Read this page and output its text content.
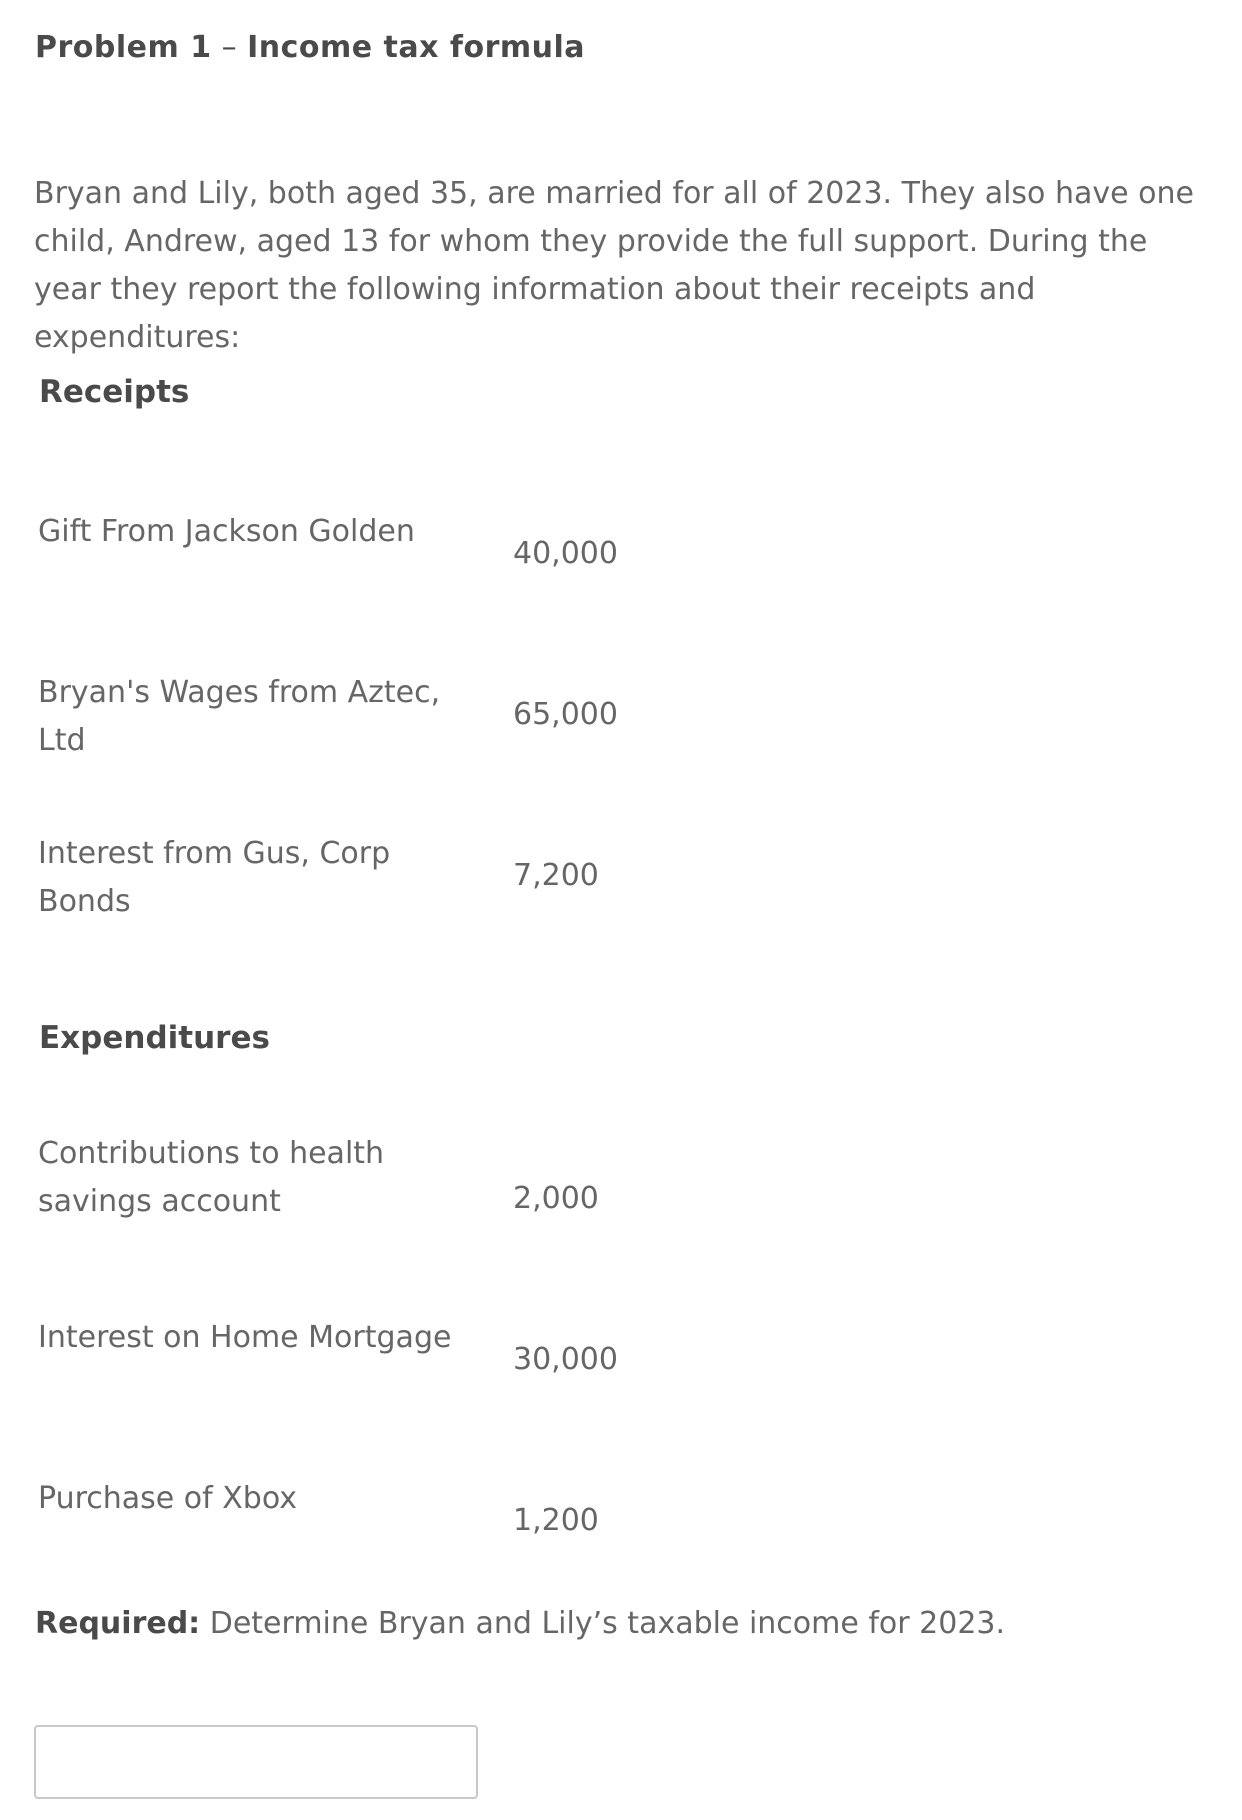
Problem 1 – Income tax formula
Bryan and Lily, both aged 35, are married for all of 2023. They also have one child, Andrew, aged 13 for whom they provide the full support. During the year they report the following information about their receipts and expenditures:
Receipts
Gift From Jackson Golden
40,000
Bryan's Wages from Aztec, Ltd
65,000
Interest from Gus, Corp Bonds
7,200
Expenditures
Contributions to health savings account	2,000
Interest on Home Mortgage
30,000
Purchase of Xbox
1,200
Required: Determine Bryan and Lily’s taxable income for 2023.
